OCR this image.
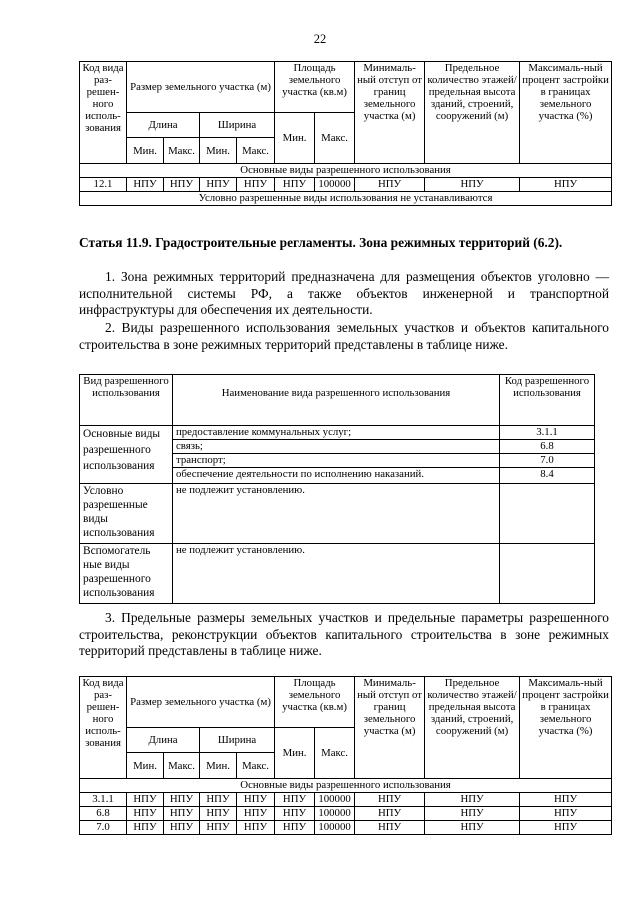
22
Код вида раз-решен-ного исполь-зования	Размер земельного участка (м)				Площадь земельного участка (кв.м)		Минималь-ный отступ от границ земельного участка (м)	Предельное количество этажей/ предельная высота зданий, строений, сооружений (м)	Максималь-ный процент застройки в границах земельного участка (%)
	Длина		Ширина		Мин.	Макс.			
	Мин.	Макс.	Мин.	Макс.					
Основные виды разрешенного использования									
12.1	НПУ	НПУ	НПУ	НПУ	НПУ	100000	НПУ	НПУ	НПУ
Условно разрешенные виды использования не устанавливаются									
Статья 11.9. Градостроительные регламенты. Зона режимных территорий (6.2).
1. Зона режимных территорий предназначена для размещения объектов уголовно — исполнительной системы РФ, а также объектов инженерной и транспортной инфраструктуры для обеспечения их деятельности.
2. Виды разрешенного использования земельных участков и объектов капитального строительства в зоне режимных территорий представлены в таблице ниже.
Вид разрешенного использования	Наименование вида разрешенного использования	Код разрешенного использования
Основные виды разрешенного использования	предоставление коммунальных услуг;	3.1.1
	связь;	6.8
	транспорт;	7.0
	обеспечение деятельности по исполнению наказаний.	8.4
Условно разрешенные виды использования	не подлежит установлению.	
Вспомогатель ные виды разрешенного использования	не подлежит установлению.	
3. Предельные размеры земельных участков и предельные параметры разрешенного строительства, реконструкции объектов капитального строительства в зоне режимных территорий представлены в таблице ниже.
Код вида раз-решен-ного исполь-зования	Размер земельного участка (м)				Площадь земельного участка (кв.м)		Минималь-ный отступ от границ земельного участка (м)	Предельное количество этажей/ предельная высота зданий, строений, сооружений (м)	Максималь-ный процент застройки в границах земельного участка (%)
	Длина		Ширина		Мин.	Макс.			
	Мин.	Макс.	Мин.	Макс.					
Основные виды разрешенного использования									
3.1.1	НПУ	НПУ	НПУ	НПУ	НПУ	100000	НПУ	НПУ	НПУ
6.8	НПУ	НПУ	НПУ	НПУ	НПУ	100000	НПУ	НПУ	НПУ
7.0	НПУ	НПУ	НПУ	НПУ	НПУ	100000	НПУ	НПУ	НПУ
